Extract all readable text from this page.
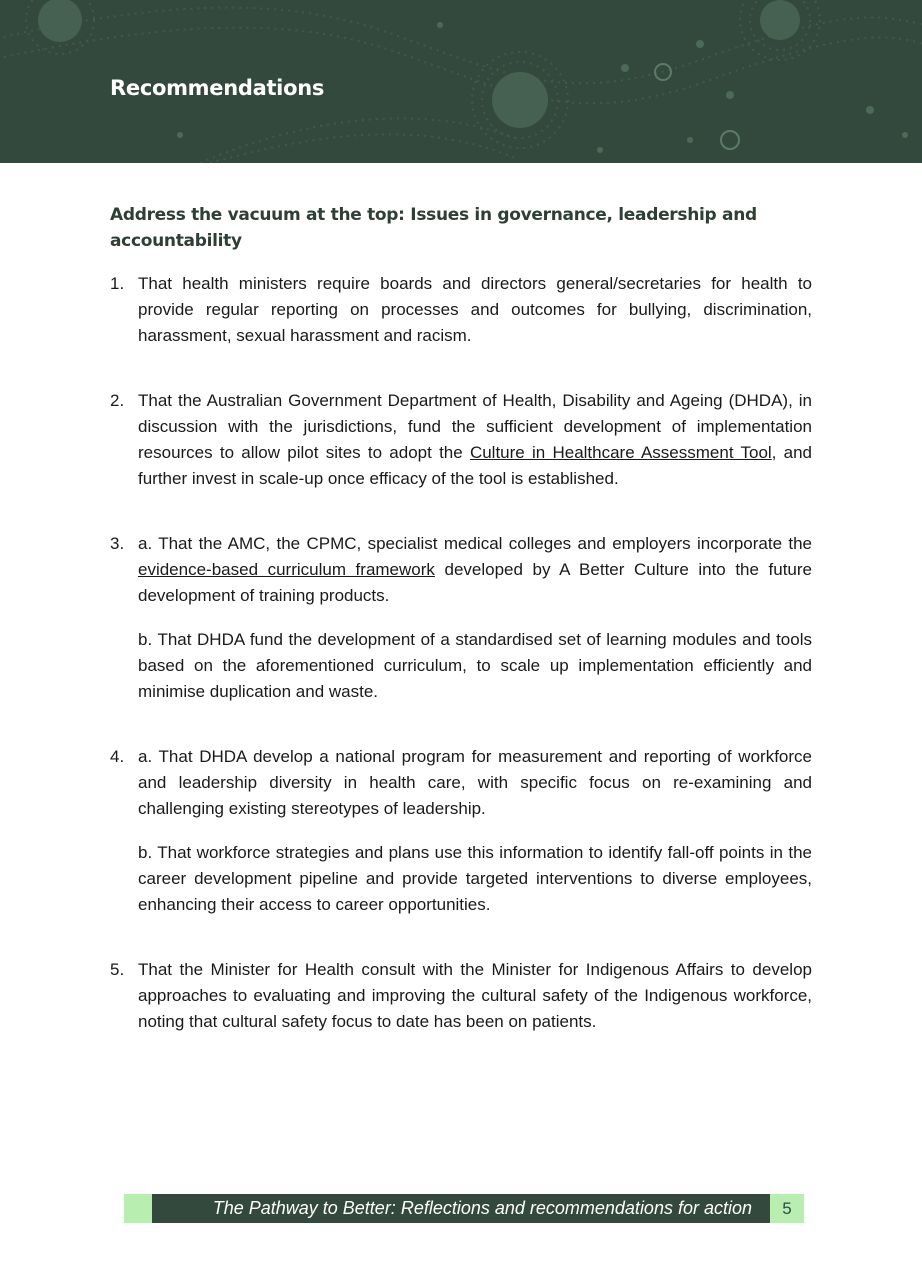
Recommendations
Address the vacuum at the top: Issues in governance, leadership and accountability
1. That health ministers require boards and directors general/secretaries for health to provide regular reporting on processes and outcomes for bullying, discrimination, harassment, sexual harassment and racism.

2. That the Australian Government Department of Health, Disability and Ageing (DHDA), in discussion with the jurisdictions, fund the sufficient development of implementation resources to allow pilot sites to adopt the Culture in Healthcare Assessment Tool, and further invest in scale-up once efficacy of the tool is established.

3. a. That the AMC, the CPMC, specialist medical colleges and employers incorporate the evidence-based curriculum framework developed by A Better Culture into the future development of training products.

b. That DHDA fund the development of a standardised set of learning modules and tools based on the aforementioned curriculum, to scale up implementation efficiently and minimise duplication and waste.

4. a. That DHDA develop a national program for measurement and reporting of workforce and leadership diversity in health care, with specific focus on re-examining and challenging existing stereotypes of leadership.

b. That workforce strategies and plans use this information to identify fall-off points in the career development pipeline and provide targeted interventions to diverse employees, enhancing their access to career opportunities.

5. That the Minister for Health consult with the Minister for Indigenous Affairs to develop approaches to evaluating and improving the cultural safety of the Indigenous workforce, noting that cultural safety focus to date has been on patients.

The Pathway to Better: Reflections and recommendations for action	5
